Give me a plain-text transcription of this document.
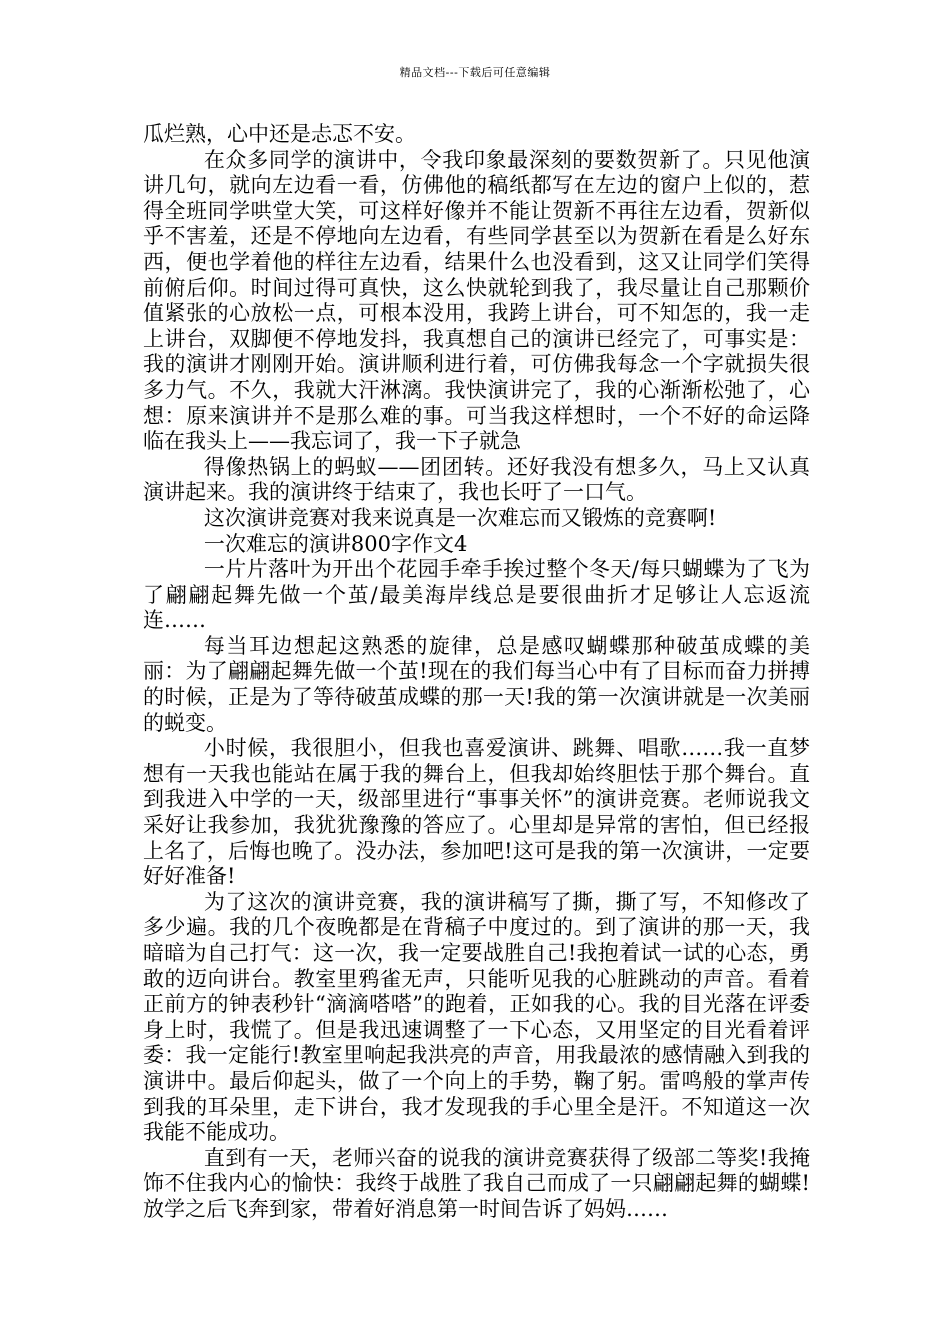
精品文档---下载后可任意编辑

瓜烂熟，心中还是忐忑不安。

在众多同学的演讲中，令我印象最深刻的要数贺新了。只见他演讲几句，就向左边看一看，仿佛他的稿纸都写在左边的窗户上似的，惹得全班同学哄堂大笑，可这样好像并不能让贺新不再往左边看，贺新似乎不害羞，还是不停地向左边看，有些同学甚至以为贺新在看是么好东西，便也学着他的样往左边看，结果什么也没看到，这又让同学们笑得前俯后仰。时间过得可真快，这么快就轮到我了，我尽量让自己那颗价值紧张的心放松一点，可根本没用，我跨上讲台，可不知怎的，我一走上讲台，双脚便不停地发抖，我真想自己的演讲已经完了，可事实是：我的演讲才刚刚开始。演讲顺利进行着，可仿佛我每念一个字就损失很多力气。不久，我就大汗淋漓。我快演讲完了，我的心渐渐松弛了，心想：原来演讲并不是那么难的事。可当我这样想时，一个不好的命运降临在我头上——我忘词了，我一下子就急

得像热锅上的蚂蚁——团团转。还好我没有想多久，马上又认真演讲起来。我的演讲终于结束了，我也长吁了一口气。

这次演讲竞赛对我来说真是一次难忘而又锻炼的竞赛啊!

一次难忘的演讲800字作文4

一片片落叶为开出个花园手牵手挨过整个冬天/每只蝴蝶为了飞为了翩翩起舞先做一个茧/最美海岸线总是要很曲折才足够让人忘返流连……

每当耳边想起这熟悉的旋律，总是感叹蝴蝶那种破茧成蝶的美丽：为了翩翩起舞先做一个茧!现在的我们每当心中有了目标而奋力拼搏的时候，正是为了等待破茧成蝶的那一天!我的第一次演讲就是一次美丽的蜕变。

小时候，我很胆小，但我也喜爱演讲、跳舞、唱歌……我一直梦想有一天我也能站在属于我的舞台上，但我却始终胆怯于那个舞台。直到我进入中学的一天，级部里进行“事事关怀”的演讲竞赛。老师说我文采好让我参加，我犹犹豫豫的答应了。心里却是异常的害怕，但已经报上名了，后悔也晚了。没办法，参加吧!这可是我的第一次演讲，一定要好好准备!

为了这次的演讲竞赛，我的演讲稿写了撕，撕了写，不知修改了多少遍。我的几个夜晚都是在背稿子中度过的。到了演讲的那一天，我暗暗为自己打气：这一次，我一定要战胜自己!我抱着试一试的心态，勇敢的迈向讲台。教室里鸦雀无声，只能听见我的心脏跳动的声音。看着正前方的钟表秒针“滴滴嗒嗒”的跑着，正如我的心。我的目光落在评委身上时，我慌了。但是我迅速调整了一下心态，又用坚定的目光看着评委：我一定能行!教室里响起我洪亮的声音，用我最浓的感情融入到我的演讲中。最后仰起头，做了一个向上的手势，鞠了躬。雷鸣般的掌声传到我的耳朵里，走下讲台，我才发现我的手心里全是汗。不知道这一次我能不能成功。

直到有一天，老师兴奋的说我的演讲竞赛获得了级部二等奖!我掩饰不住我内心的愉快：我终于战胜了我自己而成了一只翩翩起舞的蝴蝶!放学之后飞奔到家，带着好消息第一时间告诉了妈妈……
